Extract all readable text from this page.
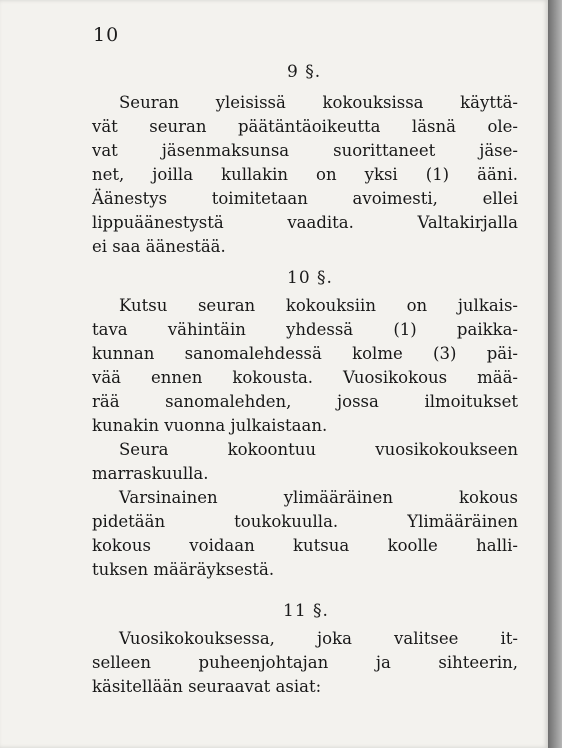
10
9 §.
Seuran yleisissä kokouksissa käyttä-
vät seuran päätäntäoikeutta läsnä ole-
vat jäsenmaksunsa suorittaneet jäse-
net, joilla kullakin on yksi (1) ääni.
Äänestys toimitetaan avoimesti, ellei
lippuäänestystä vaadita. Valtakirjalla
ei saa äänestää.
10 §.
Kutsu seuran kokouksiin on julkais-
tava vähintäin yhdessä (1) paikka-
kunnan sanomalehdessä kolme (3) päi-
vää ennen kokousta. Vuosikokous mää-
rää sanomalehden, jossa ilmoitukset
kunakin vuonna julkaistaan.
Seura kokoontuu vuosikokoukseen
marraskuulla.
Varsinainen ylimääräinen kokous
pidetään toukokuulla. Ylimääräinen
kokous voidaan kutsua koolle halli-
tuksen määräyksestä.
11 §.
Vuosikokouksessa, joka valitsee it-
selleen puheenjohtajan ja sihteerin,
käsitellään seuraavat asiat:
